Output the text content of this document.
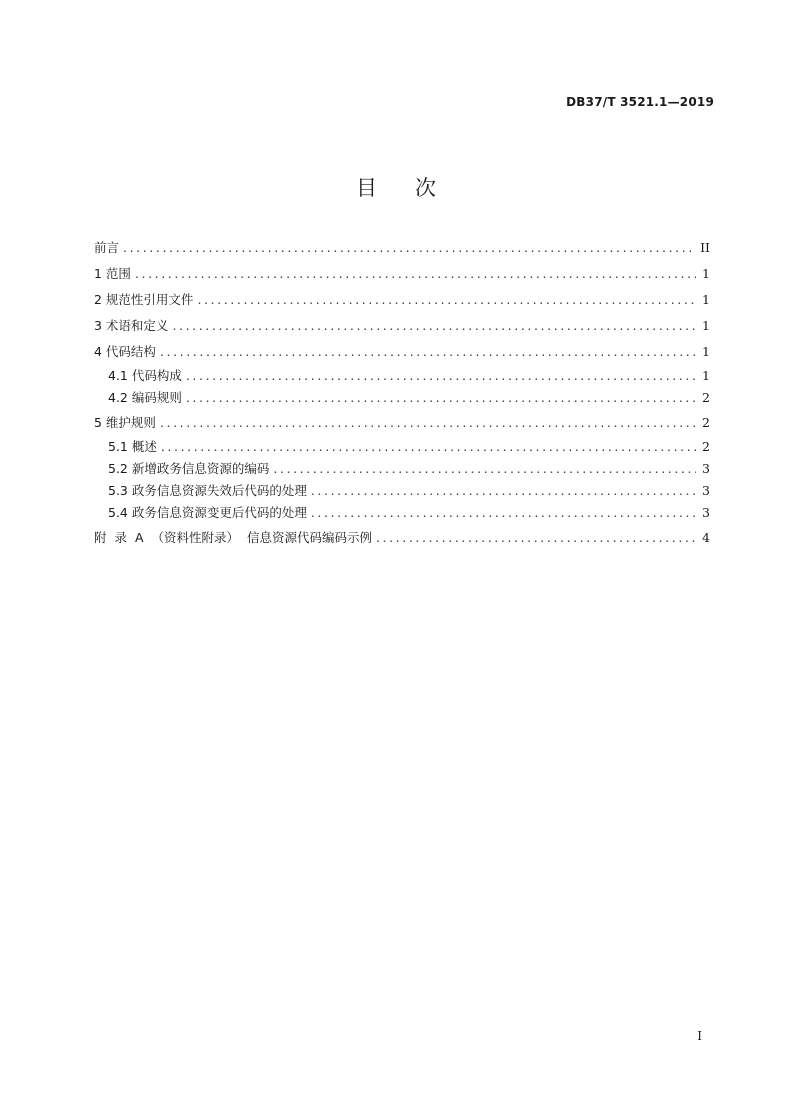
DB37/T 3521.1—2019
目次
前言 .....	II
1 范围 .....	1
2 规范性引用文件 .....	1
3 术语和定义 .....	1
4 代码结构 .....	1
4.1 代码构成 .....	1
4.2 编码规则 .....	2
5 维护规则 .....	2
5.1 概述 .....	2
5.2 新增政务信息资源的编码 .....	3
5.3 政务信息资源失效后代码的处理 .....	3
5.4 政务信息资源变更后代码的处理 .....	3
附 录 A （资料性附录） 信息资源代码编码示例 .....	4
I
